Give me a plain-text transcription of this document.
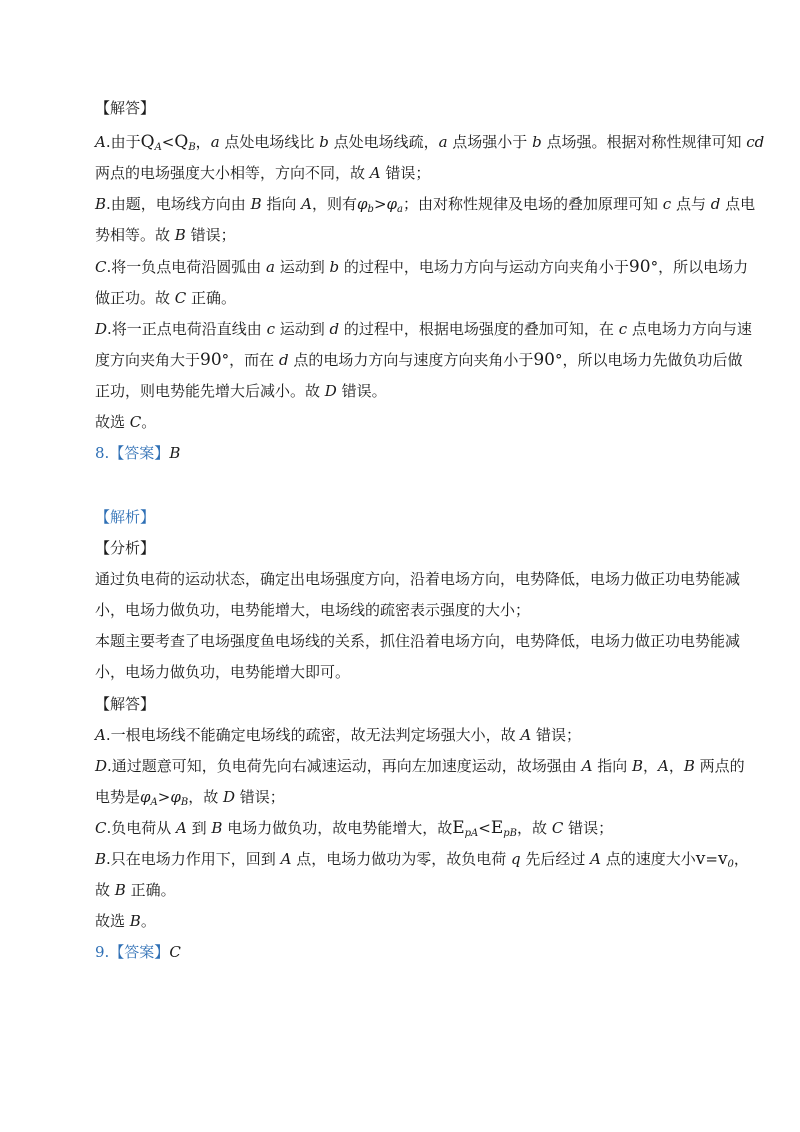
【解答】
A.由于$Q_A<Q_B$，a 点处电场线比 b 点处电场线疏，a 点场强小于 b 点场强。根据对称性规律可知 cd
两点的电场强度大小相等，方向不同，故 A 错误；
B.由题，电场线方向由 B 指向 A，则有$\varphi_b>\varphi_a$；由对称性规律及电场的叠加原理可知 c 点与 d 点电
势相等。故 B 错误；
C.将一负点电荷沿圆弧由 a 运动到 b 的过程中，电场力方向与运动方向夹角小于90°，所以电场力
做正功。故 C 正确。
D.将一正点电荷沿直线由 c 运动到 d 的过程中，根据电场强度的叠加可知，在 c 点电场力方向与速
度方向夹角大于90°，而在 d 点的电场力方向与速度方向夹角小于90°，所以电场力先做负功后做
正功，则电势能先增大后减小。故 D 错误。
故选 C。
8.【答案】B
【解析】
【分析】
通过负电荷的运动状态，确定出电场强度方向，沿着电场方向，电势降低，电场力做正功电势能减
小，电场力做负功，电势能增大，电场线的疏密表示强度的大小；
本题主要考查了电场强度鱼电场线的关系，抓住沿着电场方向，电势降低，电场力做正功电势能减
小，电场力做负功，电势能增大即可。
【解答】
A.一根电场线不能确定电场线的疏密，故无法判定场强大小，故 A 错误；
D.通过题意可知，负电荷先向右减速运动，再向左加速度运动，故场强由 A 指向 B，A，B 两点的
电势是$\varphi_A>\varphi_B$，故 D 错误；
C.负电荷从 A 到 B 电场力做负功，故电势能增大，故$E_{pA}<E_{pB}$，故 C 错误；
B.只在电场力作用下，回到 A 点，电场力做功为零，故负电荷 q 先后经过 A 点的速度大小$v=v_0$，
故 B 正确。
故选 B。
9.【答案】C
